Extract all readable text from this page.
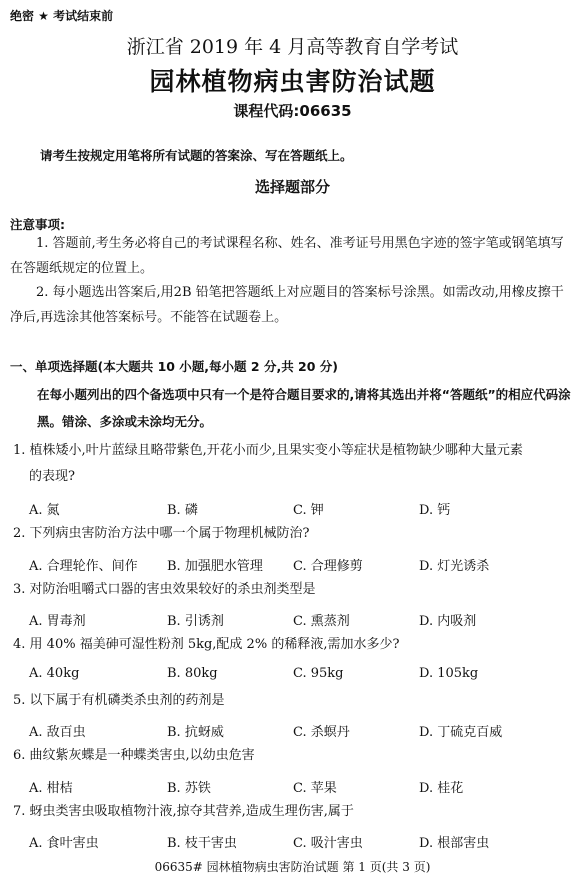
绝密 ★ 考试结束前
浙江省 2019 年 4 月高等教育自学考试
园林植物病虫害防治试题
课程代码:06635
请考生按规定用笔将所有试题的答案涂、写在答题纸上。
选择题部分
注意事项:

1. 答题前,考生务必将自己的考试课程名称、姓名、准考证号用黑色字迹的签字笔或钢笔填写在答题纸规定的位置上。

2. 每小题选出答案后,用2B 铅笔把答题纸上对应题目的答案标号涂黑。如需改动,用橡皮擦干净后,再选涂其他答案标号。不能答在试题卷上。

一、单项选择题(本大题共 10 小题,每小题 2 分,共 20 分)
在每小题列出的四个备选项中只有一个是符合题目要求的,请将其选出并将“答题纸”的相应代码涂黑。错涂、多涂或未涂均无分。
1. 植株矮小,叶片蓝绿且略带紫色,开花小而少,且果实变小等症状是植物缺少哪种大量元素
的表现?
A. 氮	B. 磷	C. 钾	D. 钙
2. 下列病虫害防治方法中哪一个属于物理机械防治?
A. 合理轮作、间作 B. 加强肥水管理 C. 合理修剪	D. 灯光诱杀
3. 对防治咀嚼式口器的害虫效果较好的杀虫剂类型是
A. 胃毒剂	B. 引诱剂	C. 熏蒸剂	D. 内吸剂
4. 用 40% 福美砷可湿性粉剂 5kg,配成 2% 的稀释液,需加水多少?
A. 40kg	B. 80kg	C. 95kg	D. 105kg
5. 以下属于有机磷类杀虫剂的药剂是
A. 敌百虫	B. 抗蚜威	C. 杀螟丹	D. 丁硫克百威
6. 曲纹紫灰蝶是一种蝶类害虫,以幼虫危害
A. 柑桔	B. 苏铁	C. 苹果	D. 桂花
7. 蚜虫类害虫吸取植物汁液,掠夺其营养,造成生理伤害,属于
A. 食叶害虫	B. 枝干害虫	C. 吸汁害虫	D. 根部害虫
06635# 园林植物病虫害防治试题 第 1 页(共 3 页)
